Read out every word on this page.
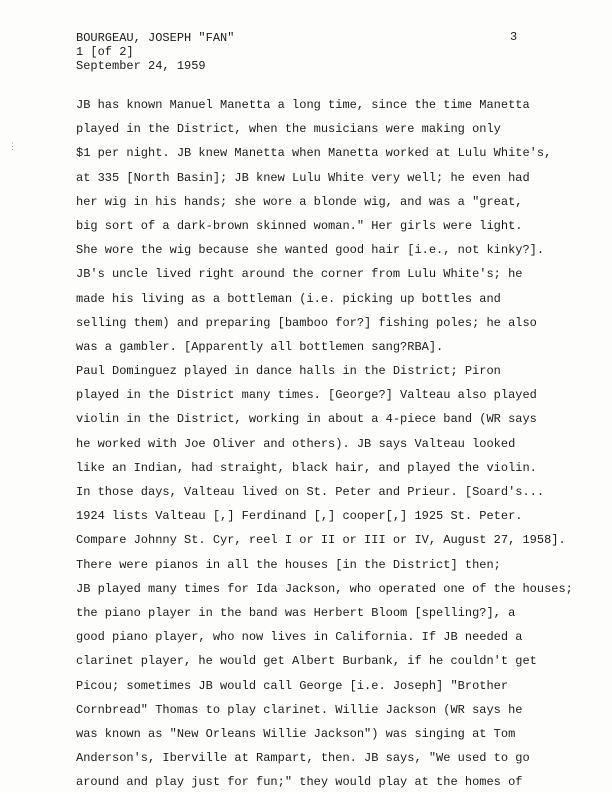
3
BOURGEAU, JOSEPH "FAN"
1 [of 2]
September 24, 1959
⋮
JB has known Manuel Manetta a long time, since the time Manetta
played in the District, when the musicians were making only
$1 per night. JB knew Manetta when Manetta worked at Lulu White's,
at 335 [North Basin]; JB knew Lulu White very well; he even had
her wig in his hands; she wore a blonde wig, and was a "great,
big sort of a dark-brown skinned woman." Her girls were light.
She wore the wig because she wanted good hair [i.e., not kinky?].
JB's uncle lived right around the corner from Lulu White's; he
made his living as a bottleman (i.e. picking up bottles and
selling them) and preparing [bamboo for?] fishing poles; he also
was a gambler. [Apparently all bottlemen sang?RBA].
Paul Dominguez played in dance halls in the District; Piron
played in the District many times. [George?] Valteau also played
violin in the District, working in about a 4-piece band (WR says
he worked with Joe Oliver and others). JB says Valteau looked
like an Indian, had straight, black hair, and played the violin.
In those days, Valteau lived on St. Peter and Prieur. [Soard's...
1924 lists Valteau [,] Ferdinand [,] cooper[,] 1925 St. Peter.
Compare Johnny St. Cyr, reel I or II or III or IV, August 27, 1958].
There were pianos in all the houses [in the District] then;
JB played many times for Ida Jackson, who operated one of the houses;
the piano player in the band was Herbert Bloom [spelling?], a
good piano player, who now lives in California. If JB needed a
clarinet player, he would get Albert Burbank, if he couldn't get
Picou; sometimes JB would call George [i.e. Joseph] "Brother
Cornbread" Thomas to play clarinet. Willie Jackson (WR says he
was known as "New Orleans Willie Jackson") was singing at Tom
Anderson's, Iberville at Rampart, then. JB says, "We used to go
around and play just for fun;" they would play at the homes of
